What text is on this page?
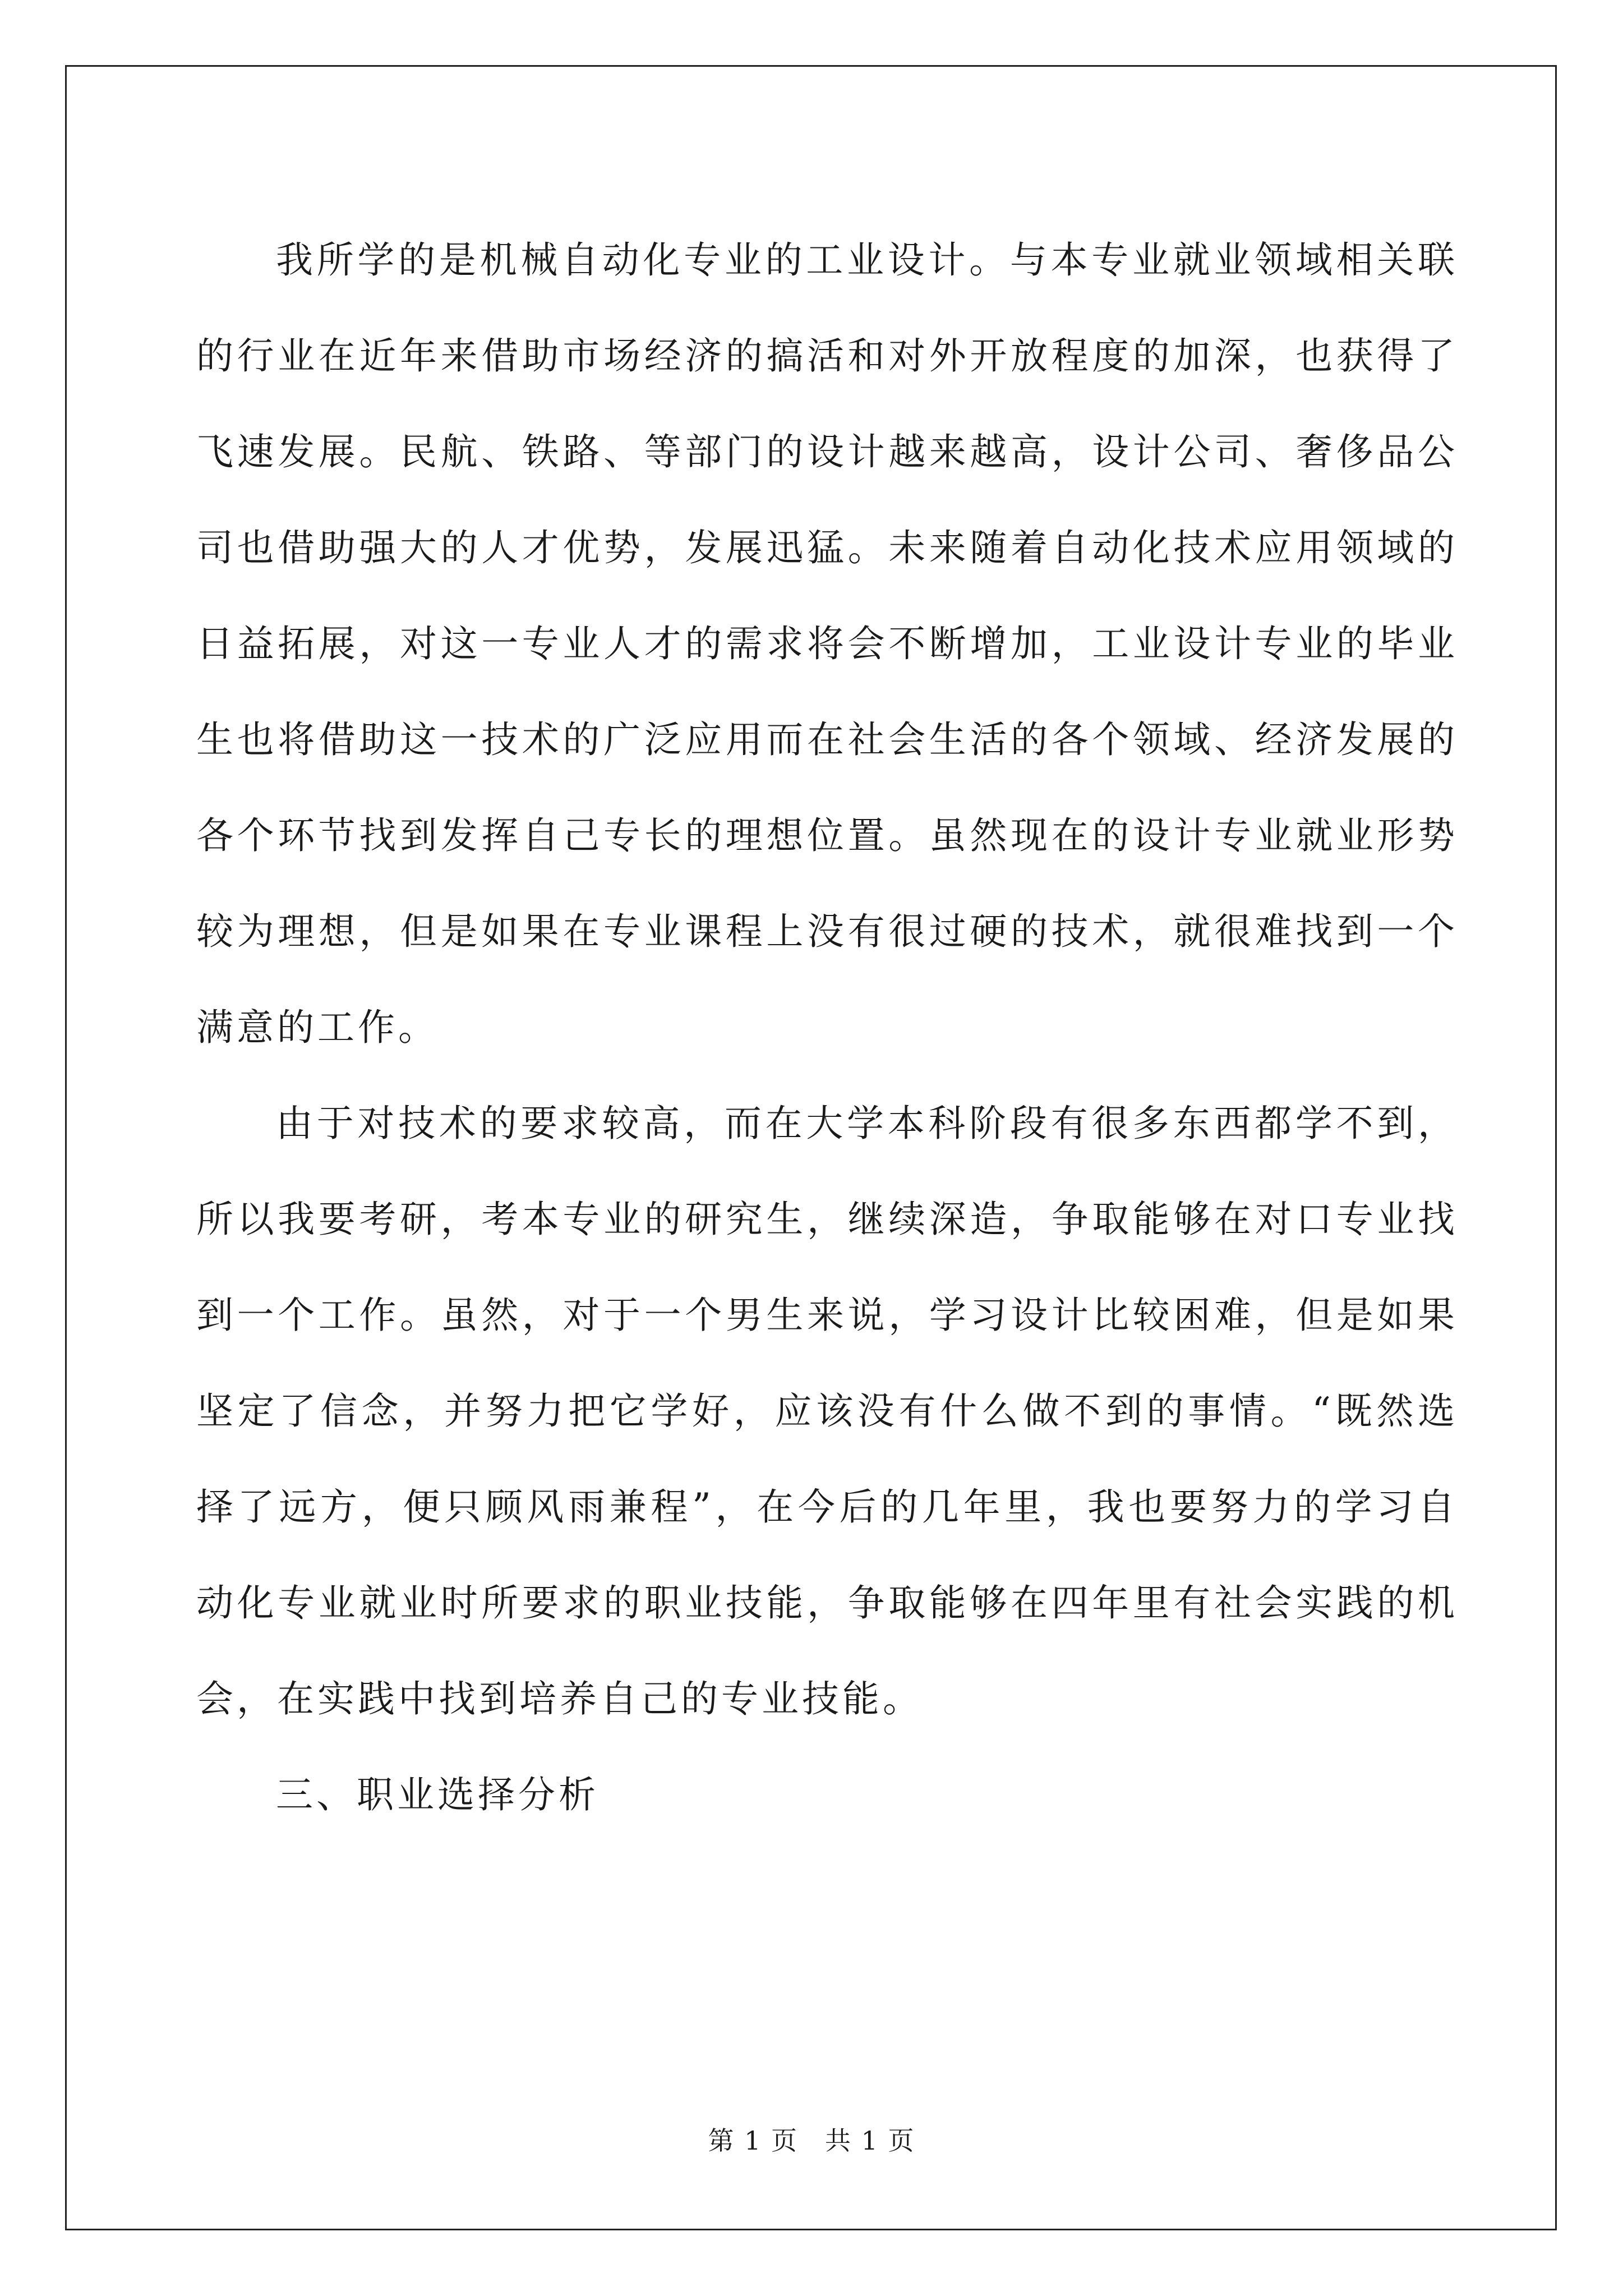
我所学的是机械自动化专业的工业设计。与本专业就业领域相关联的行业在近年来借助市场经济的搞活和对外开放程度的加深，也获得了飞速发展。民航、铁路、等部门的设计越来越高，设计公司、奢侈品公司也借助强大的人才优势，发展迅猛。未来随着自动化技术应用领域的日益拓展，对这一专业人才的需求将会不断增加，工业设计专业的毕业生也将借助这一技术的广泛应用而在社会生活的各个领域、经济发展的各个环节找到发挥自己专长的理想位置。虽然现在的设计专业就业形势较为理想，但是如果在专业课程上没有很过硬的技术，就很难找到一个满意的工作。

由于对技术的要求较高，而在大学本科阶段有很多东西都学不到，所以我要考研，考本专业的研究生，继续深造，争取能够在对口专业找到一个工作。虽然，对于一个男生来说，学习设计比较困难，但是如果坚定了信念，并努力把它学好，应该没有什么做不到的事情。“既然选择了远方，便只顾风雨兼程”，在今后的几年里，我也要努力的学习自动化专业就业时所要求的职业技能，争取能够在四年里有社会实践的机会，在实践中找到培养自己的专业技能。

三、职业选择分析

第 1 页　共 1 页
